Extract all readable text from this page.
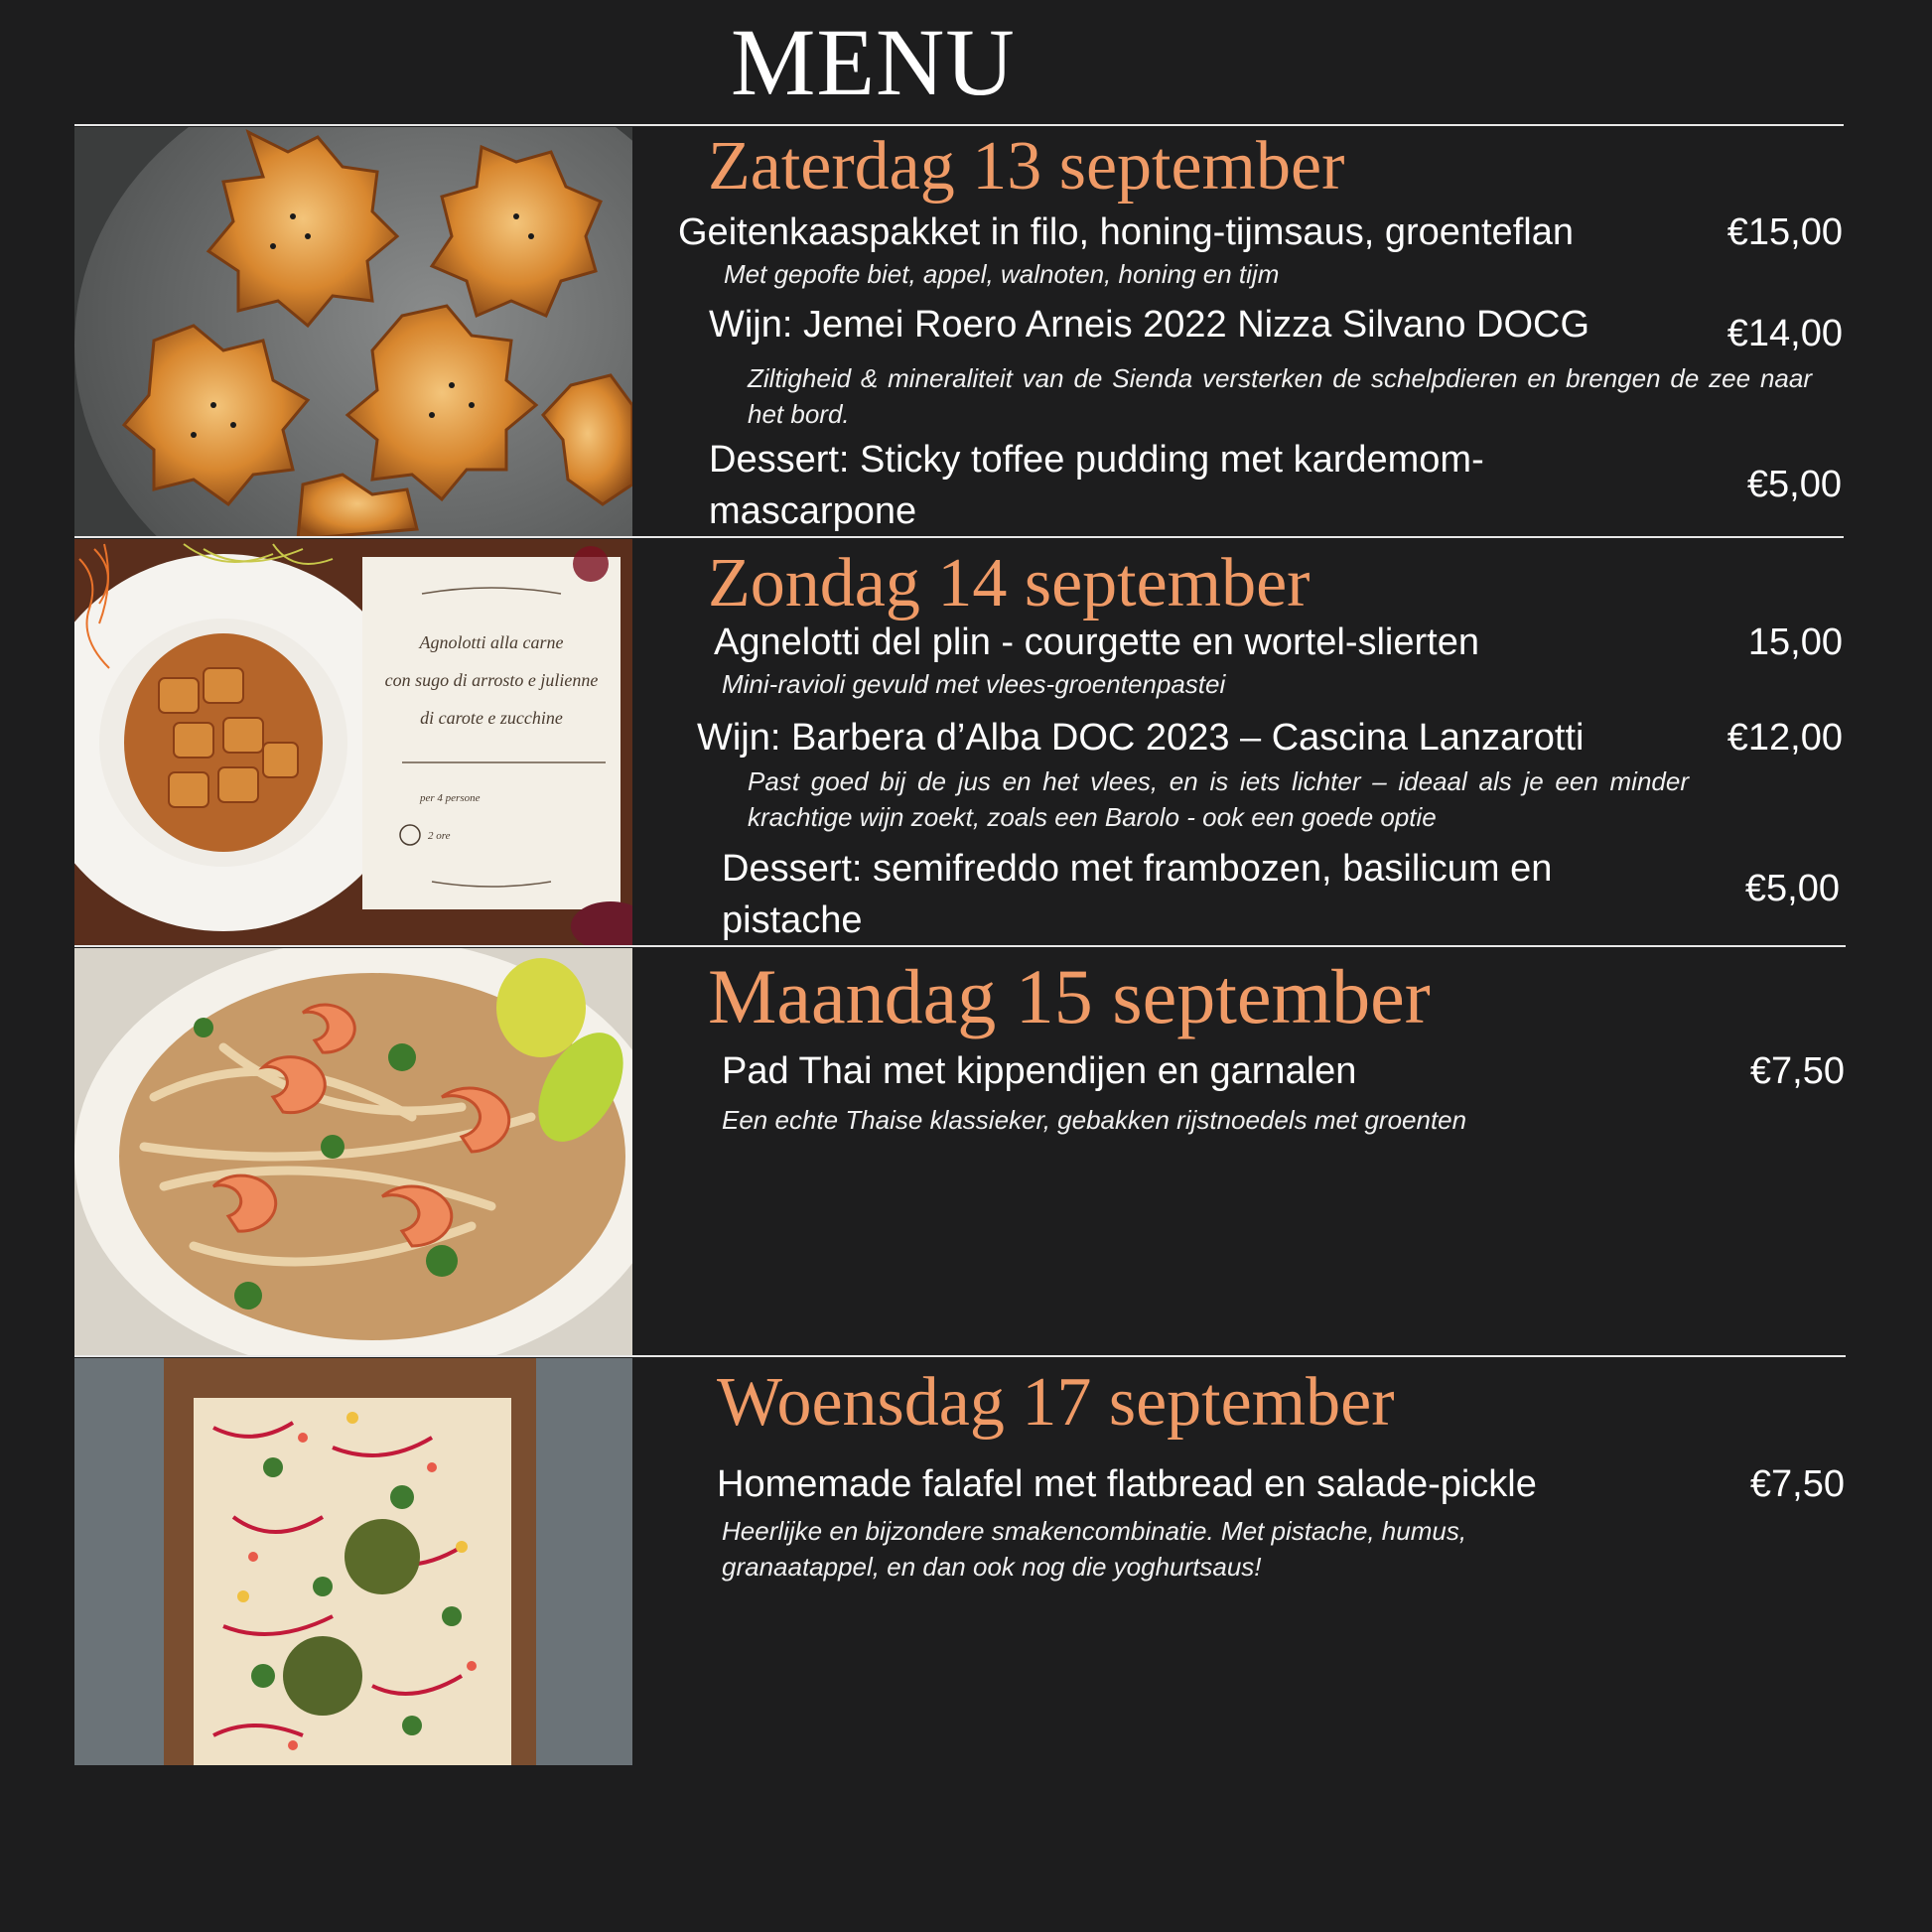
MENU
Agnolotti alla carne
con sugo di arrosto e julienne
di carote e zucchine
per 4 persone
2 ore
Zaterdag 13 september
Geitenkaaspakket in filo, honing-tijmsaus, groenteflan	€15,00
Met gepofte biet, appel, walnoten, honing en tijm
Wijn: Jemei Roero Arneis 2022 Nizza Silvano DOCG	€14,00
Ziltigheid & mineraliteit van de Sienda versterken de schelpdieren en brengen de zee naar het bord.
Dessert: Sticky toffee pudding met kardemom-mascarpone
€5,00
Zondag 14 september
Agnelotti del plin - courgette en wortel-slierten	15,00
Mini-ravioli gevuld met vlees-groentenpastei
Wijn: Barbera d’Alba DOC 2023 – Cascina Lanzarotti	€12,00
Past goed bij de jus en het vlees, en is iets lichter – ideaal als je een minder krachtige wijn zoekt, zoals een Barolo - ook een goede optie
Dessert: semifreddo met frambozen, basilicum en pistache
€5,00
Maandag 15 september
Pad Thai met kippendijen en garnalen	€7,50
Een echte Thaise klassieker, gebakken rijstnoedels met groenten
Woensdag 17 september
Homemade falafel met flatbread en salade-pickle	€7,50
Heerlijke en bijzondere smakencombinatie. Met pistache, humus, granaatappel, en dan ook nog die yoghurtsaus!
